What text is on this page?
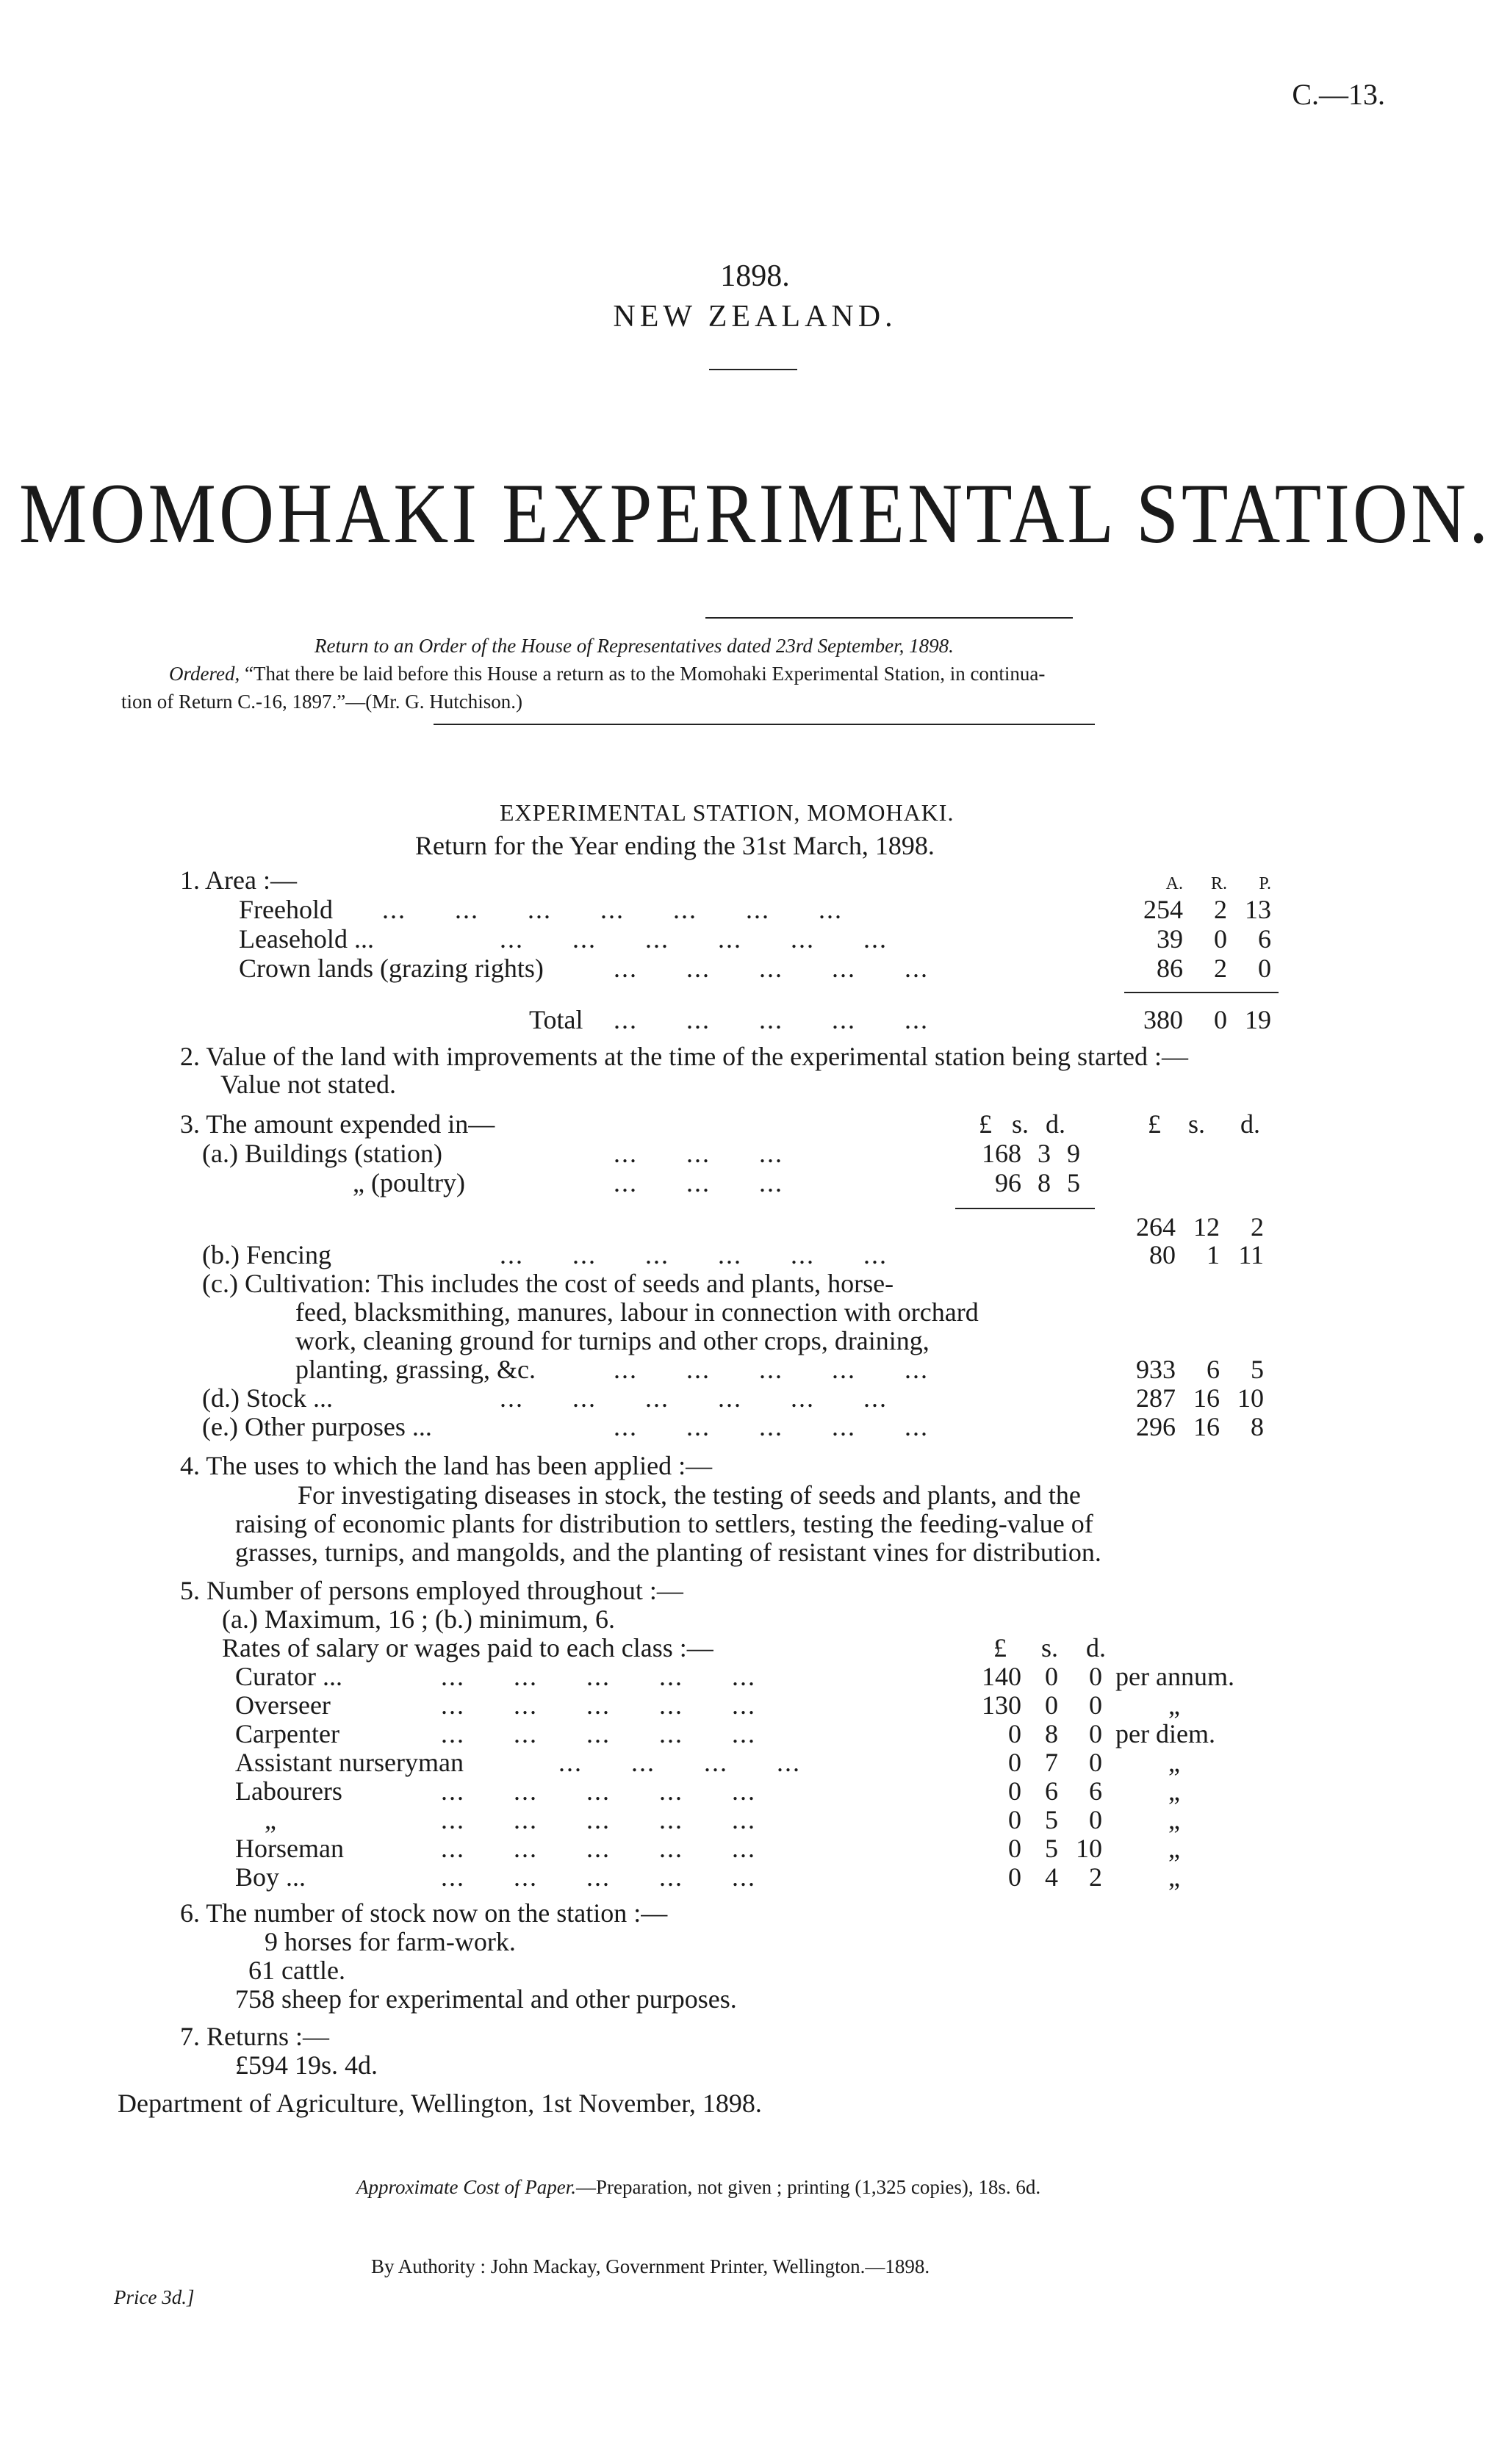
C.—13.
1898.
NEW ZEALAND.
MOMOHAKI EXPERIMENTAL STATION.
Return to an Order of the House of Representatives dated 23rd September, 1898.
Ordered, “That there be laid before this House a return as to the Momohaki Experimental Station, in continua-
tion of Return C.-16, 1897.”—(Mr. G. Hutchison.)
EXPERIMENTAL STATION, MOMOHAKI.
Return for the Year ending the 31st March, 1898.
1. Area :—	A.	R.	P.
Freehold ...      ...      ...      ...      ...      ...      ...	254	2 13
Leasehold ...	...      ...      ...      ...      ...      ...	39	0	6
Crown lands (grazing rights)	...      ...      ...      ...      ...	86	2	0
Total ...      ...      ...      ...      ...	380	0 19
2. Value of the land with improvements at the time of the experimental station being started :—
Value not stated.
3. The amount expended in—	£ s. d.	£	s.	d.
(a.) Buildings (station)	...      ...      ...	168 3 9
„ (poultry)	...      ...      ...	96 8 5
264 12	2
(b.) Fencing	...      ...      ...      ...      ...      ...	80	1 11
(c.) Cultivation: This includes the cost of seeds and plants, horse-
feed, blacksmithing, manures, labour in connection with orchard
work, cleaning ground for turnips and other crops, draining,
planting, grassing, &c.	...      ...      ...      ...      ...	933	6	5
(d.) Stock ...	...      ...      ...      ...      ...      ...	287 16 10
(e.) Other purposes ...	...      ...      ...      ...      ...	296 16	8
4. The uses to which the land has been applied :—
For investigating diseases in stock, the testing of seeds and plants, and the
raising of economic plants for distribution to settlers, testing the feeding-value of
grasses, turnips, and mangolds, and the planting of resistant vines for distribution.
5. Number of persons employed throughout :—
(a.) Maximum, 16 ; (b.) minimum, 6.
Rates of salary or wages paid to each class :—	£	s.	d.
Curator ...	...      ...      ...      ...      ...	140 0	0 per annum.
Overseer	...      ...      ...      ...      ...	130 0	0	„
Carpenter	...      ...      ...      ...      ...	0 8	0 per diem.
Assistant nurseryman	...      ...      ...      ...	0 7	0	„
Labourers	...      ...      ...      ...      ...	0 6	6	„
„	...      ...      ...      ...      ...	0 5	0	„
Horseman	...      ...      ...      ...      ...	0 5 10	„
Boy ...	...      ...      ...      ...      ...	0 4	2	„
6. The number of stock now on the station :—
9 horses for farm-work.
61 cattle.
758 sheep for experimental and other purposes.
7. Returns :—
£594 19s. 4d.
Department of Agriculture, Wellington, 1st November, 1898.
Approximate Cost of Paper.—Preparation, not given ; printing (1,325 copies), 18s. 6d.
By Authority : John Mackay, Government Printer, Wellington.—1898.
Price 3d.]
